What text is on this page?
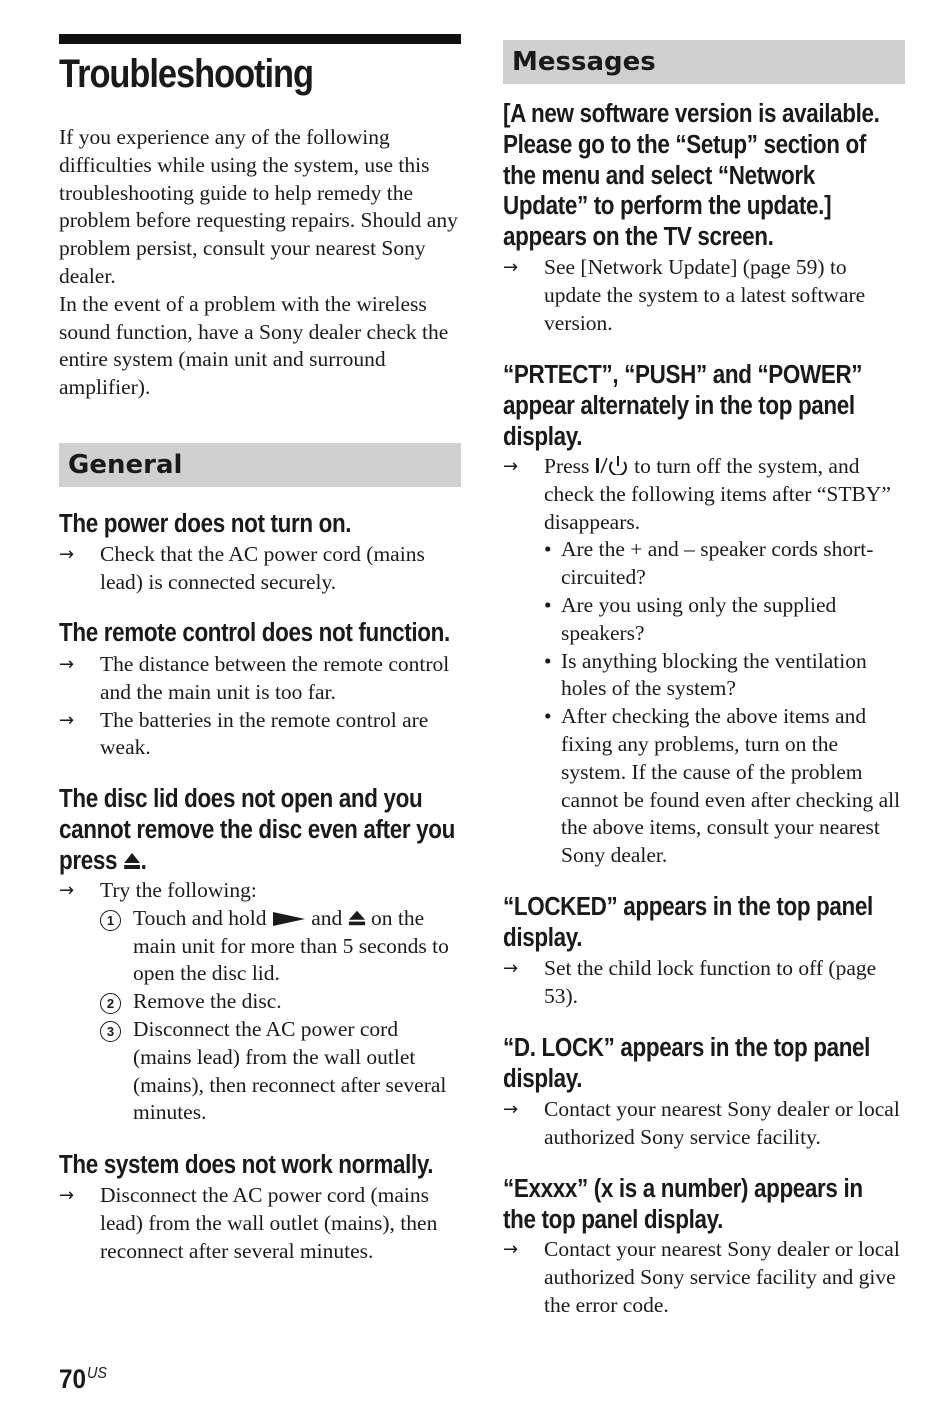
Troubleshooting

If you experience any of the following difficulties while using the system, use this troubleshooting guide to help remedy the problem before requesting repairs. Should any problem persist, consult your nearest Sony dealer.

In the event of a problem with the wireless sound function, have a Sony dealer check the entire system (main unit and surround amplifier).

General
The power does not turn on.
→ Check that the AC power cord (mains lead) is connected securely.
The remote control does not function.
→ The distance between the remote control and the main unit is too far.
→ The batteries in the remote control are weak.
The disc lid does not open and you
cannot remove the disc even after you
press .
→ Try the following:
1 Touch and hold  and  on the main unit for more than 5 seconds to open the disc lid.
2 Remove the disc.
3 Disconnect the AC power cord (mains lead) from the wall outlet (mains), then reconnect after several minutes.
The system does not work normally.
→ Disconnect the AC power cord (mains lead) from the wall outlet (mains), then reconnect after several minutes.
$70^{US}$
Messages
[A new software version is available. Please go to the “Setup” section of the menu and select “Network Update” to perform the update.] appears on the TV screen.
→ See [Network Update] (page 59) to update the system to a latest software version.
“PRTECT”, “PUSH” and “POWER” appear alternately in the top panel display.
→ Press  to turn off the system, and check the following items after “STBY” disappears.
• Are the + and – speaker cords short-circuited?
• Are you using only the supplied speakers?
• Is anything blocking the ventilation holes of the system?
• After checking the above items and fixing any problems, turn on the system. If the cause of the problem cannot be found even after checking all the above items, consult your nearest Sony dealer.
“LOCKED” appears in the top panel display.
→ Set the child lock function to off (page 53).
“D. LOCK” appears in the top panel display.
→ Contact your nearest Sony dealer or local authorized Sony service facility.
“Exxxx” (x is a number) appears in the top panel display.
→ Contact your nearest Sony dealer or local authorized Sony service facility and give the error code.
